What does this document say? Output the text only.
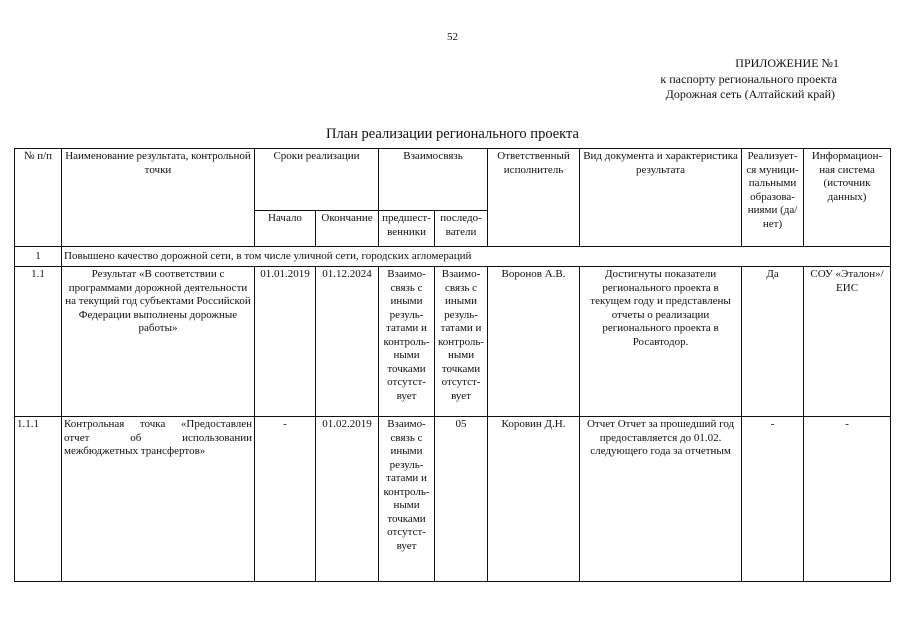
52
ПРИЛОЖЕНИЕ №1
к паспорту регионального проекта
Дорожная сеть (Алтайский край)
План реализации регионального проекта
№ п/п	Наименование результата, контрольной точки	Сроки реализации		Взаимосвязь		Ответственный исполнитель	Вид документа и характеристика результата	Реализует-ся муници-пальными образова-ниями (да/нет)	Информацион-ная система (источник данных)
		Начало	Окончание	предшест-венники	последо-ватели				
1	Повышено качество дорожной сети, в том числе уличной сети, городских агломераций								
1.1	Результат «В соответствии с программами дорожной деятельности на текущий год субъектами Российской Федерации выполнены дорожные работы»	01.01.2019	01.12.2024	Взаимо-связь с иными резуль-татами и контроль-ными точками отсутст-вует	Взаимо-связь с иными резуль-татами и контроль-ными точками отсутст-вует	Воронов А.В.	Достигнуты показатели регионального проекта в текущем году и представлены отчеты о реализации регионального проекта в Росавтодор.	Да	СОУ «Эталон»/ ЕИС
1.1.1	Контрольная точка «Предоставлен отчет об использовании межбюджетных трансфертов»	-	01.02.2019	Взаимо-связь с иными резуль-татами и контроль-ными точками отсутст-вует	05	Коровин Д.Н.	Отчет Отчет за прошедший год предоставляется до 01.02. следующего года за отчетным	-	-
